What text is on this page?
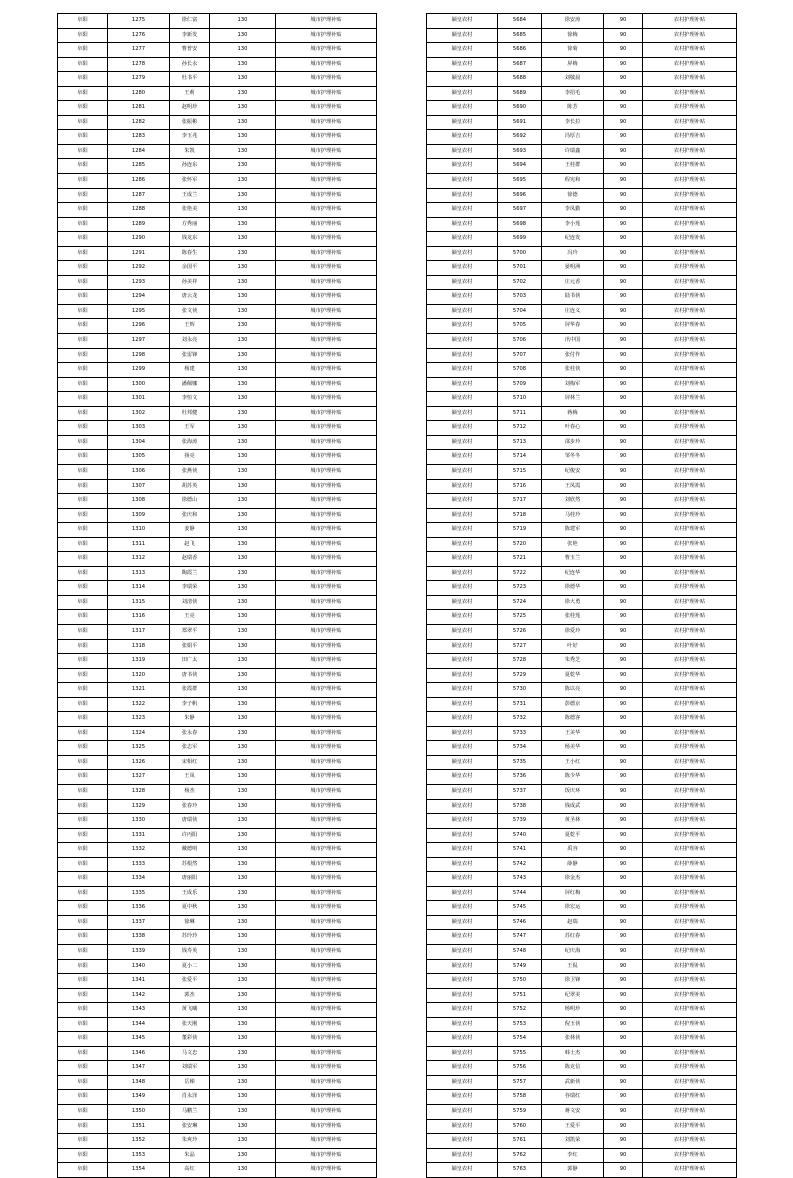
阜阳	1275	徐仁富	130	城市护理补贴
阜阳	1276	李新发	130	城市护理补贴
阜阳	1277	曹普安	130	城市护理补贴
阜阳	1278	孙长永	130	城市护理补贴
阜阳	1279	杜书平	130	城市护理补贴
阜阳	1280	王莉	130	城市护理补贴
阜阳	1281	赵明珍	130	城市护理补贴
阜阳	1282	张振彬	130	城市护理补贴
阜阳	1283	李玉兆	130	城市护理补贴
阜阳	1284	朱凯	130	城市护理补贴
阜阳	1285	孙连东	130	城市护理补贴
阜阳	1286	张怀军	130	城市护理补贴
阜阳	1287	王成兰	130	城市护理补贴
阜阳	1288	张艳美	130	城市护理补贴
阜阳	1289	方秀丽	130	城市护理补贴
阜阳	1290	钱龙东	130	城市护理补贴
阜阳	1291	陈春生	130	城市护理补贴
阜阳	1292	余国平	130	城市护理补贴
阜阳	1293	孙美祥	130	城市护理补贴
阜阳	1294	唐云龙	130	城市护理补贴
阜阳	1295	张文侠	130	城市护理补贴
阜阳	1296	王辉	130	城市护理补贴
阜阳	1297	刘永亮	130	城市护理补贴
阜阳	1298	张雷锋	130	城市护理补贴
阜阳	1299	杨建	130	城市护理补贴
阜阳	1300	潘佩娜	130	城市护理补贴
阜阳	1301	李恒文	130	城市护理补贴
阜阳	1302	杜邦健	130	城市护理补贴
阜阳	1303	王军	130	城市护理补贴
阜阳	1304	张海涛	130	城市护理补贴
阜阳	1305	扬亮	130	城市护理补贴
阜阳	1306	张燕侠	130	城市护理补贴
阜阳	1307	胡苏英	130	城市护理补贴
阜阳	1308	徐德山	130	城市护理补贴
阜阳	1309	张庆和	130	城市护理补贴
阜阳	1310	姜静	130	城市护理补贴
阜阳	1311	赵飞	130	城市护理补贴
阜阳	1312	赵瑞香	130	城市护理补贴
阜阳	1313	陶霞兰	130	城市护理补贴
阜阳	1314	李瑞荣	130	城市护理补贴
阜阳	1315	刘清侠	130	城市护理补贴
阜阳	1316	王亮	130	城市护理补贴
阜阳	1317	郑翠平	130	城市护理补贴
阜阳	1318	张娟平	130	城市护理补贴
阜阳	1319	田广太	130	城市护理补贴
阜阳	1320	唐书侠	130	城市护理补贴
阜阳	1321	张霞群	130	城市护理补贴
阜阳	1322	李子帆	130	城市护理补贴
阜阳	1323	朱静	130	城市护理补贴
阜阳	1324	张永春	130	城市护理补贴
阜阳	1325	张志军	130	城市护理补贴
阜阳	1326	宋相红	130	城市护理补贴
阜阳	1327	王凤	130	城市护理补贴
阜阳	1328	杨杰	130	城市护理补贴
阜阳	1329	张春玲	130	城市护理补贴
阜阳	1330	唐瑞侠	130	城市护理补贴
阜阳	1331	许丙阳	130	城市护理补贴
阜阳	1332	戴德明	130	城市护理补贴
阜阳	1333	苏根然	130	城市护理补贴
阜阳	1334	唐丽阳	130	城市护理补贴
阜阳	1335	王成乐	130	城市护理补贴
阜阳	1336	夏中秋	130	城市护理补贴
阜阳	1337	徐琳	130	城市护理补贴
阜阳	1338	苏玲玲	130	城市护理补贴
阜阳	1339	钱寿英	130	城市护理补贴
阜阳	1340	夏小二	130	城市护理补贴
阜阳	1341	张爱平	130	城市护理补贴
阜阳	1342	郭杰	130	城市护理补贴
阜阳	1343	黄飞曦	130	城市护理补贴
阜阳	1344	张天刚	130	城市护理补贴
阜阳	1345	董彩侠	130	城市护理补贴
阜阳	1346	马文忠	130	城市护理补贴
阜阳	1347	刘瑞军	130	城市护理补贴
阜阳	1348	岳梯	130	城市护理补贴
阜阳	1349	肖永泽	130	城市护理补贴
阜阳	1350	马鹏兰	130	城市护理补贴
阜阳	1351	张安琳	130	城市护理补贴
阜阳	1352	朱爽玲	130	城市护理补贴
阜阳	1353	朱晶	130	城市护理补贴
阜阳	1354	高红	130	城市护理补贴
颍皇农村	5684	徐安涛	90	农村护理补贴
颍皇农村	5685	徐梅	90	农村护理补贴
颍皇农村	5686	徐菊	90	农村护理补贴
颍皇农村	5687	屏梅	90	农村护理补贴
颍皇农村	5688	刘敬晨	90	农村护理补贴
颍皇农村	5689	李招毛	90	农村护理补贴
颍皇农村	5690	陈芳	90	农村护理补贴
颍皇农村	5691	李长拉	90	农村护理补贴
颍皇农村	5692	冯厚吉	90	农村护理补贴
颍皇农村	5693	许瑞鑫	90	农村护理补贴
颍皇农村	5694	王桂群	90	农村护理补贴
颍皇农村	5695	程宪和	90	农村护理补贴
颍皇农村	5696	徐德	90	农村护理补贴
颍皇农村	5697	李凤勤	90	农村护理补贴
颍皇农村	5698	李小莲	90	农村护理补贴
颍皇农村	5699	纪连发	90	农村护理补贴
颍皇农村	5700	冯玲	90	农村护理补贴
颍皇农村	5701	晏明洲	90	农村护理补贴
颍皇农村	5702	庄元香	90	农村护理补贴
颍皇农村	5703	陆书侠	90	农村护理补贴
颍皇农村	5704	庄连义	90	农村护理补贴
颍皇农村	5705	屏华春	90	农村护理补贴
颍皇农村	5706	汛中国	90	农村护理补贴
颍皇农村	5707	张付作	90	农村护理补贴
颍皇农村	5708	张桂侠	90	农村护理补贴
颍皇农村	5709	刘梅军	90	农村护理补贴
颍皇农村	5710	屏林兰	90	农村护理补贴
颍皇农村	5711	蒋梅	90	农村护理补贴
颍皇农村	5712	叶春心	90	农村护理补贴
颍皇农村	5713	邵步玲	90	农村护理补贴
颍皇农村	5714	邹冬冬	90	农村护理补贴
颍皇农村	5715	纪俊安	90	农村护理补贴
颍皇农村	5716	王凤霞	90	农村护理补贴
颍皇农村	5717	刘欣然	90	农村护理补贴
颍皇农村	5718	马桂玲	90	农村护理补贴
颍皇农村	5719	陈建军	90	农村护理补贴
颍皇农村	5720	张艳	90	农村护理补贴
颍皇农村	5721	曹玉兰	90	农村护理补贴
颍皇农村	5722	纪连华	90	农村护理补贴
颍皇农村	5723	徐德华	90	农村护理补贴
颍皇农村	5724	徐大勇	90	农村护理补贴
颍皇农村	5725	张桂莲	90	农村护理补贴
颍皇农村	5726	徐爱玲	90	农村护理补贴
颍皇农村	5727	叶好	90	农村护理补贴
颍皇农村	5728	朱秀芝	90	农村护理补贴
颍皇农村	5729	夏乾华	90	农村护理补贴
颍皇农村	5730	陈以亮	90	农村护理补贴
颍皇农村	5731	彭德京	90	农村护理补贴
颍皇农村	5732	陈德客	90	农村护理补贴
颍皇农村	5733	王美华	90	农村护理补贴
颍皇农村	5734	杨美华	90	农村护理补贴
颍皇农村	5735	王小红	90	农村护理补贴
颍皇农村	5736	陈少华	90	农村护理补贴
颍皇农村	5737	饭庆环	90	农村护理补贴
颍皇农村	5738	钱成武	90	农村护理补贴
颍皇农村	5739	黄圣林	90	农村护理补贴
颍皇农村	5740	夏乾平	90	农村护理补贴
颍皇农村	5741	禹容	90	农村护理补贴
颍皇农村	5742	薛静	90	农村护理补贴
颍皇农村	5743	徐金杰	90	农村护理补贴
颍皇农村	5744	屏红梅	90	农村护理补贴
颍皇农村	5745	徐宏运	90	农村护理补贴
颍皇农村	5746	赵瑞	90	农村护理补贴
颍皇农村	5747	苏红春	90	农村护理补贴
颍皇农村	5748	纪庆海	90	农村护理补贴
颍皇农村	5749	王侃	90	农村护理补贴
颍皇农村	5750	徐卫锋	90	农村护理补贴
颍皇农村	5751	纪翠美	90	农村护理补贴
颍皇农村	5752	杨明珍	90	农村护理补贴
颍皇农村	5753	倪玉侠	90	农村护理补贴
颍皇农村	5754	张林侠	90	农村护理补贴
颍皇农村	5755	韩士杰	90	农村护理补贴
颍皇农村	5756	陈克信	90	农村护理补贴
颍皇农村	5757	武新侠	90	农村护理补贴
颍皇农村	5758	谷瑞红	90	农村护理补贴
颍皇农村	5759	蒋文安	90	农村护理补贴
颍皇农村	5760	王爱平	90	农村护理补贴
颍皇农村	5761	刘凯荣	90	农村护理补贴
颍皇农村	5762	李红	90	农村护理补贴
颍皇农村	5763	郭静	90	农村护理补贴
